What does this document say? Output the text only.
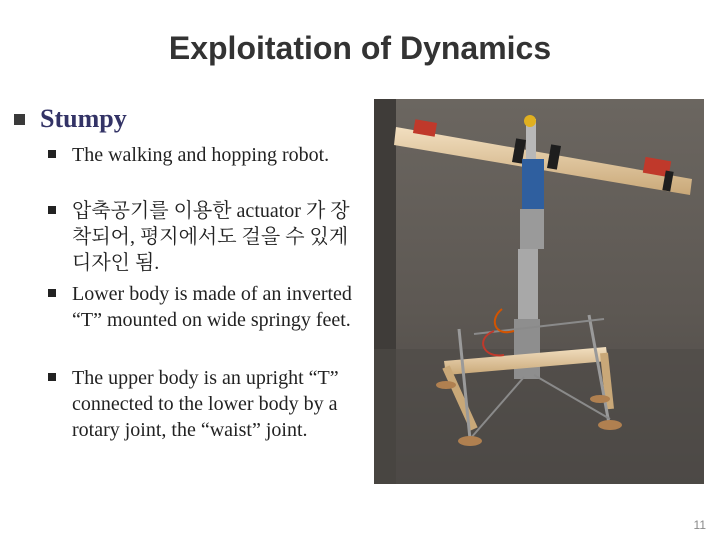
Exploitation of Dynamics
Stumpy
The walking and hopping robot.
압축공기를 이용한 actuator 가 장착되어, 평지에서도 걸을 수 있게 디자인 됨.
Lower body is made of an inverted “T” mounted on wide springy feet.
The upper body is an upright “T” connected to the lower body by a rotary joint, the “waist” joint.
11
